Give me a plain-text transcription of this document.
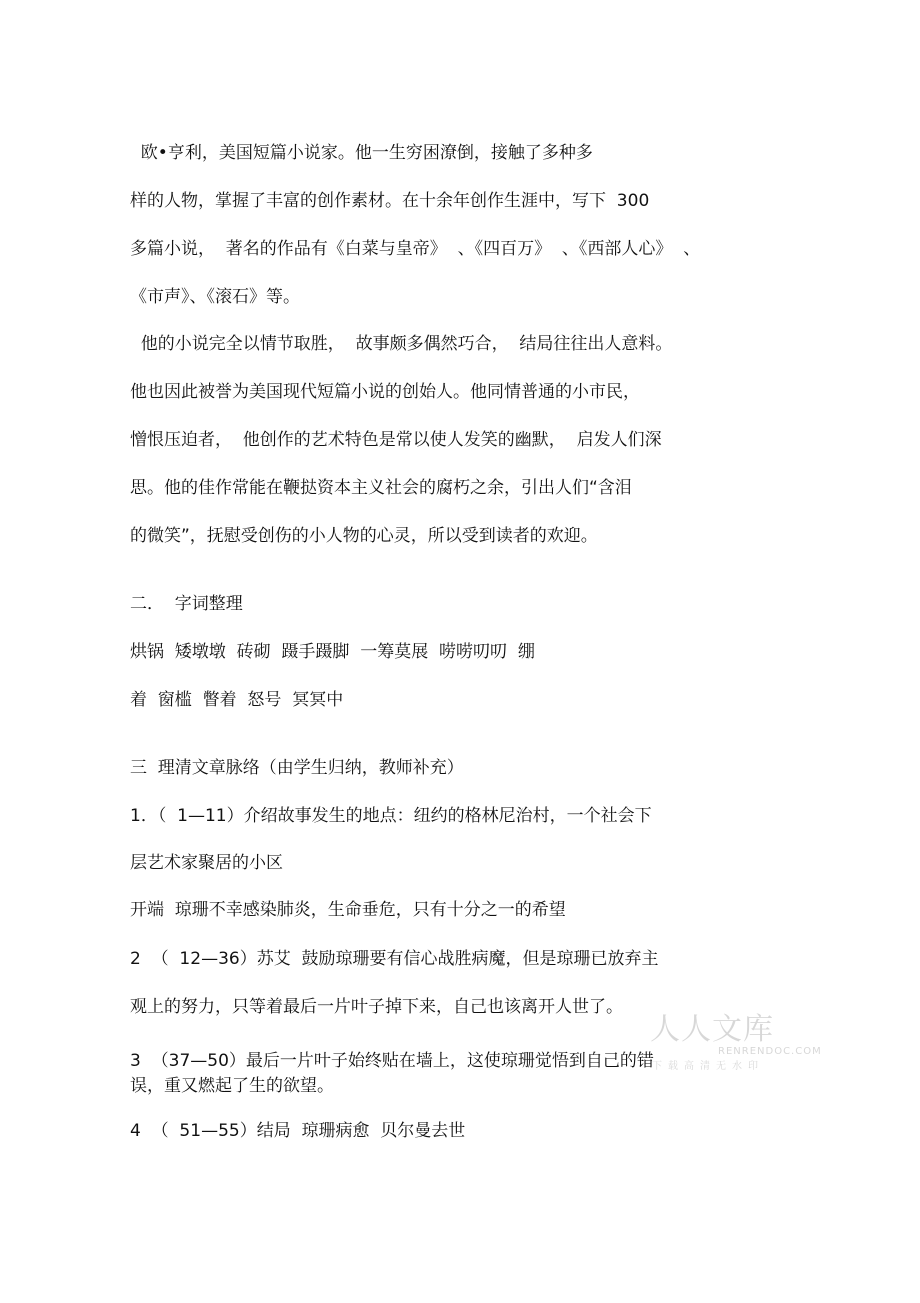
欧•亨利，美国短篇小说家。他一生穷困潦倒，接触了多种多

样的人物，掌握了丰富的创作素材。在十余年创作生涯中，写下  300

多篇小说，  著名的作品有《白菜与皇帝》  、《四百万》  、《西部人心》  、

《市声》、《滚石》等。

他的小说完全以情节取胜，  故事颇多偶然巧合，  结局往往出人意料。

他也因此被誉为美国现代短篇小说的创始人。他同情普通的小市民，

憎恨压迫者，  他创作的艺术特色是常以使人发笑的幽默，  启发人们深

思。他的佳作常能在鞭挞资本主义社会的腐朽之余，引出人们“含泪

的微笑”，抚慰受创伤的小人物的心灵，所以受到读者的欢迎。

二．  字词整理

烘锅  矮墩墩  砖砌  蹑手蹑脚  一筹莫展  唠唠叨叨  绷

着  窗槛  瞥着  怒号  冥冥中

三  理清文章脉络（由学生归纳，教师补充）

1．（  1—11）介绍故事发生的地点：纽约的格林尼治村，一个社会下

层艺术家聚居的小区

开端  琼珊不幸感染肺炎，生命垂危，只有十分之一的希望

2  （  12—36）苏艾  鼓励琼珊要有信心战胜病魔，但是琼珊已放弃主

观上的努力，只等着最后一片叶子掉下来，自己也该离开人世了。

3  （37—50）最后一片叶子始终贴在墙上，这使琼珊觉悟到自己的错

误，重又燃起了生的欲望。

4  （  51—55）结局  琼珊病愈  贝尔曼去世

人人文库
RENRENDOC.COM
下载高清无水印
